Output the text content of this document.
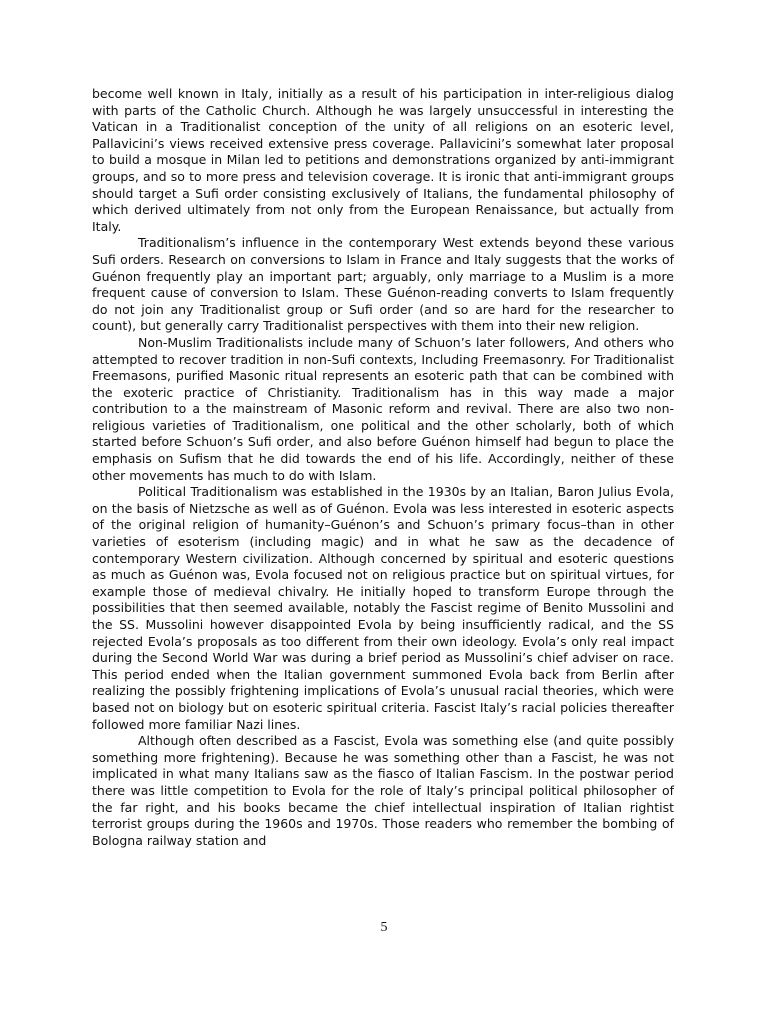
become well known in Italy, initially as a result of his participation in inter-religious dialog with parts of the Catholic Church. Although he was largely unsuccessful in interesting the Vatican in a Traditionalist conception of the unity of all religions on an esoteric level, Pallavicini’s views received extensive press coverage. Pallavicini’s somewhat later proposal to build a mosque in Milan led to petitions and demonstrations organized by anti-immigrant groups, and so to more press and television coverage. It is ironic that anti-immigrant groups should target a Sufi order consisting exclusively of Italians, the fundamental philosophy of which derived ultimately from not only from the European Renaissance, but actually from Italy.

Traditionalism’s influence in the contemporary West extends beyond these various Sufi orders. Research on conversions to Islam in France and Italy suggests that the works of Guénon frequently play an important part; arguably, only marriage to a Muslim is a more frequent cause of conversion to Islam. These Guénon-reading converts to Islam frequently do not join any Traditionalist group or Sufi order (and so are hard for the researcher to count), but generally carry Traditionalist perspectives with them into their new religion.

Non-Muslim Traditionalists include many of Schuon’s later followers, And others who attempted to recover tradition in non-Sufi contexts, Including Freemasonry. For Traditionalist Freemasons, purified Masonic ritual represents an esoteric path that can be combined with the exoteric practice of Christianity. Traditionalism has in this way made a major contribution to a the mainstream of Masonic reform and revival. There are also two non-religious varieties of Traditionalism, one political and the other scholarly, both of which started before Schuon’s Sufi order, and also before Guénon himself had begun to place the emphasis on Sufism that he did towards the end of his life. Accordingly, neither of these other movements has much to do with Islam.

Political Traditionalism was established in the 1930s by an Italian, Baron Julius Evola, on the basis of Nietzsche as well as of Guénon. Evola was less interested in esoteric aspects of the original religion of humanity–Guénon’s and Schuon’s primary focus–than in other varieties of esoterism (including magic) and in what he saw as the decadence of contemporary Western civilization. Although concerned by spiritual and esoteric questions as much as Guénon was, Evola focused not on religious practice but on spiritual virtues, for example those of medieval chivalry. He initially hoped to transform Europe through the possibilities that then seemed available, notably the Fascist regime of Benito Mussolini and the SS. Mussolini however disappointed Evola by being insufficiently radical, and the SS rejected Evola’s proposals as too different from their own ideology. Evola’s only real impact during the Second World War was during a brief period as Mussolini’s chief adviser on race. This period ended when the Italian government summoned Evola back from Berlin after realizing the possibly frightening implications of Evola’s unusual racial theories, which were based not on biology but on esoteric spiritual criteria. Fascist Italy’s racial policies thereafter followed more familiar Nazi lines.

Although often described as a Fascist, Evola was something else (and quite possibly something more frightening). Because he was something other than a Fascist, he was not implicated in what many Italians saw as the fiasco of Italian Fascism. In the postwar period there was little competition to Evola for the role of Italy’s principal political philosopher of the far right, and his books became the chief intellectual inspiration of Italian rightist terrorist groups during the 1960s and 1970s. Those readers who remember the bombing of Bologna railway station and

5
